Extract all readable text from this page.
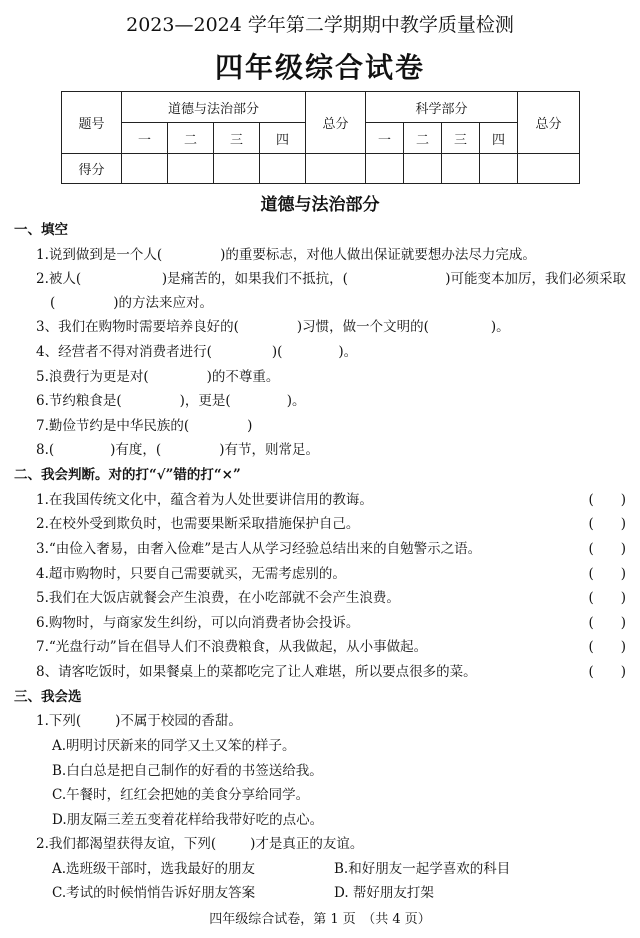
2023—2024 学年第二学期期中教学质量检测
四年级综合试卷
题号	道德与法治部分				总分	科学部分				总分
	一	二	三	四		一	二	三	四	
得分										
道德与法治部分
一、填空
1.说到做到是一个人(	)的重要标志，对他人做出保证就要想办法尽力完成。
2.被人(	)是痛苦的，如果我们不抵抗，(	)可能变本加厉，我们必须采取
(	)的方法来应对。
3、我们在购物时需要培养良好的(	)习惯，做一个文明的(	)。
4、经营者不得对消费者进行(	)(	)。
5.浪费行为更是对(	)的不尊重。
6.节约粮食是(	)，更是(	)。
7.勤俭节约是中华民族的(	)
8.(	)有度，(	)有节，则常足。
二、我会判断。对的打“√”错的打“×”
1.在我国传统文化中，蕴含着为人处世要讲信用的教诲。	(　　)
2.在校外受到欺负时，也需要果断采取措施保护自己。	(　　)
3.“由俭入奢易，由奢入俭难”是古人从学习经验总结出来的自勉警示之语。	(　　)
4.超市购物时，只要自己需要就买，无需考虑别的。	(　　)
5.我们在大饭店就餐会产生浪费，在小吃部就不会产生浪费。	(　　)
6.购物时，与商家发生纠纷，可以向消费者协会投诉。	(　　)
7.“光盘行动”旨在倡导人们不浪费粮食，从我做起，从小事做起。	(　　)
8、请客吃饭时，如果餐桌上的菜都吃完了让人难堪，所以要点很多的菜。	(　　)
三、我会选
1.下列(	)不属于校园的香甜。
A.明明讨厌新来的同学又土又笨的样子。
B.白白总是把自己制作的好看的书签送给我。
C.午餐时，红红会把她的美食分享给同学。
D.朋友隔三差五变着花样给我带好吃的点心。
2.我们都渴望获得友谊，下列(	)才是真正的友谊。
A.选班级干部时，选我最好的朋友	B.和好朋友一起学喜欢的科目
C.考试的时候悄悄告诉好朋友答案	D. 帮好朋友打架
四年级综合试卷，第 1 页　（共 4 页）
